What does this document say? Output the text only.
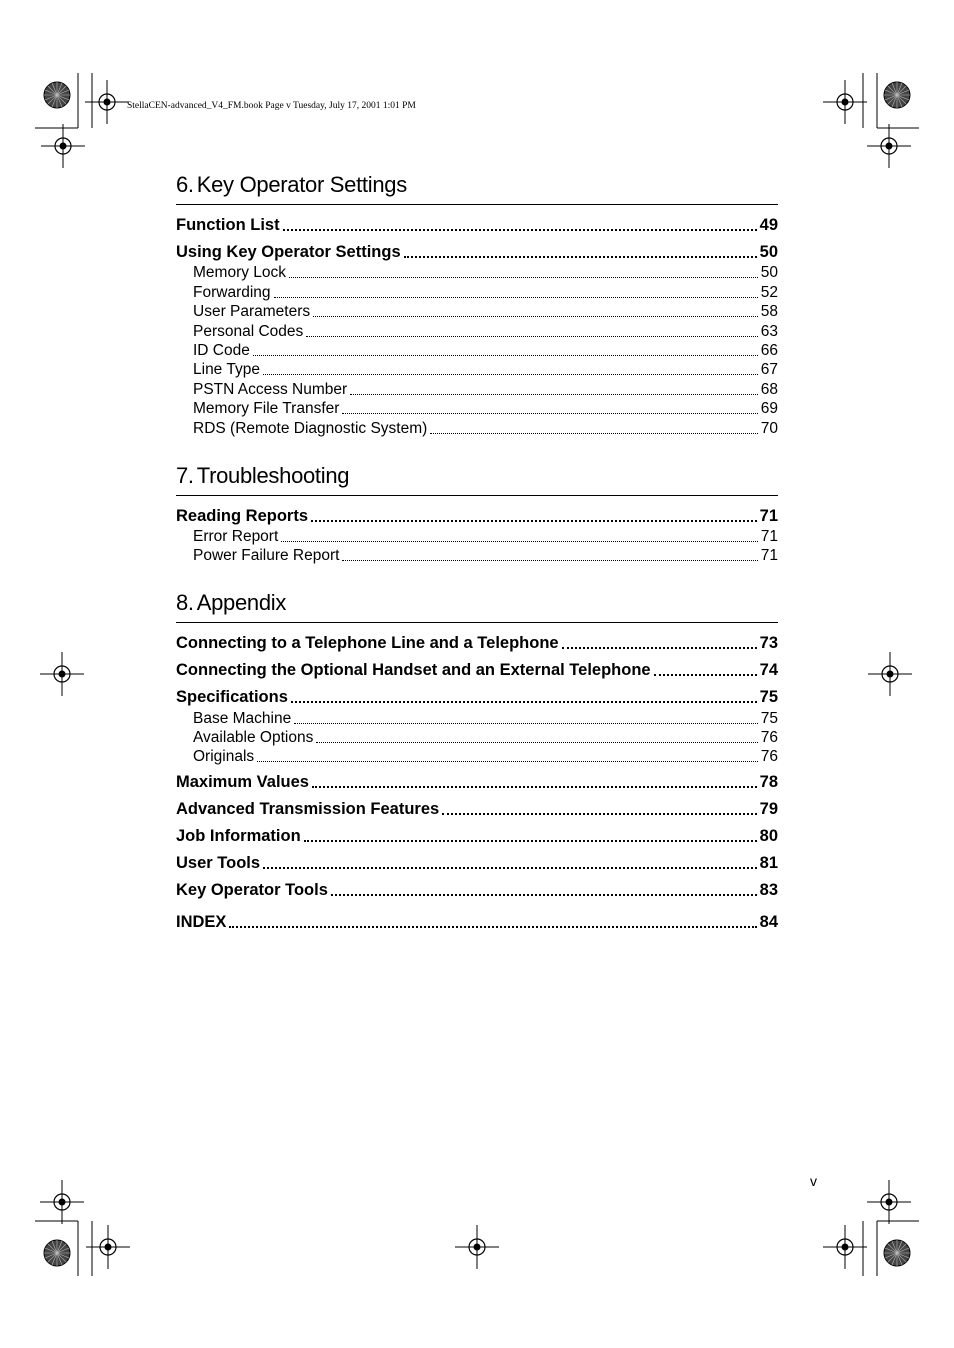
StellaCEN-advanced_V4_FM.book Page v Tuesday, July 17, 2001 1:01 PM
6. Key Operator Settings
Function List	49
Using Key Operator Settings	50
Memory Lock	50
Forwarding	52
User Parameters	58
Personal Codes	63
ID Code	66
Line Type	67
PSTN Access Number	68
Memory File Transfer	69
RDS (Remote Diagnostic System)	70
7. Troubleshooting
Reading Reports	71
Error Report	71
Power Failure Report	71
8. Appendix
Connecting to a Telephone Line and a Telephone	73
Connecting the Optional Handset and an External Telephone	74
Specifications	75
Base Machine	75
Available Options	76
Originals	76
Maximum Values	78
Advanced Transmission Features	79
Job Information	80
User Tools	81
Key Operator Tools	83
INDEX	84
v
